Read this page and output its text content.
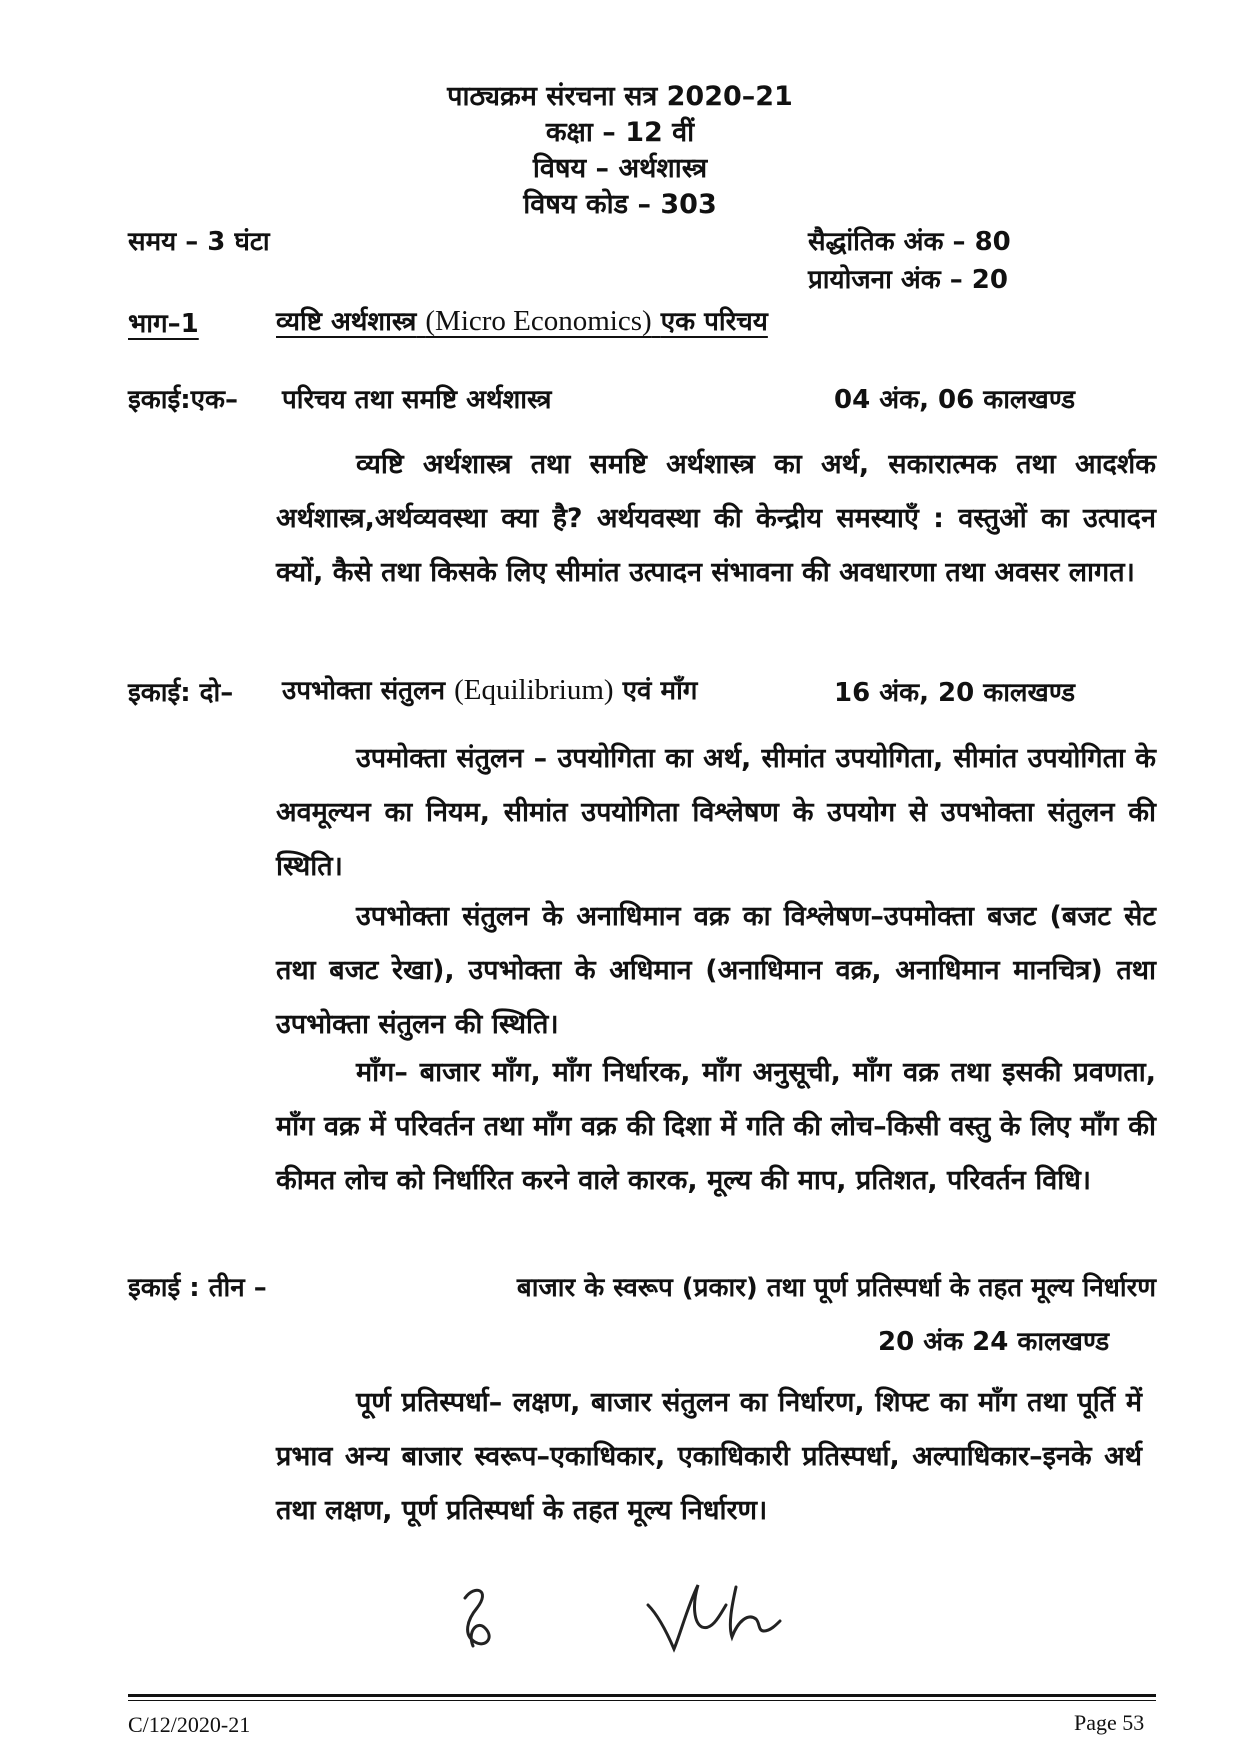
पाठ्यक्रम संरचना सत्र 2020–21
कक्षा – 12 वीं
विषय – अर्थशास्त्र
विषय कोड – 303
समय – 3 घंटा	सैद्धांतिक अंक – 80
प्रायोजना अंक – 20
भाग–1	व्यष्टि अर्थशास्त्र (Micro Economics) एक परिचय
इकाई:एक– परिचय तथा समष्टि अर्थशास्त्र	04 अंक, 06 कालखण्ड

व्यष्टि अर्थशास्त्र तथा समष्टि अर्थशास्त्र का अर्थ, सकारात्मक तथा आदर्शक अर्थशास्त्र,अर्थव्यवस्था क्या है? अर्थयवस्था की केन्द्रीय समस्याएँ : वस्तुओं का उत्पादन क्यों, कैसे तथा किसके लिए सीमांत उत्पादन संभावना की अवधारणा तथा अवसर लागत।

इकाई: दो– उपभोक्ता संतुलन (Equilibrium) एवं माँग	16 अंक, 20 कालखण्ड

उपमोक्ता संतुलन – उपयोगिता का अर्थ, सीमांत उपयोगिता, सीमांत उपयोगिता के अवमूल्यन का नियम, सीमांत उपयोगिता विश्लेषण के उपयोग से उपभोक्ता संतुलन की स्थिति।

उपभोक्ता संतुलन के अनाधिमान वक्र का विश्लेषण–उपमोक्ता बजट (बजट सेट तथा बजट रेखा), उपभोक्ता के अधिमान (अनाधिमान वक्र, अनाधिमान मानचित्र) तथा उपभोक्ता संतुलन की स्थिति।

माँग– बाजार माँग, माँग निर्धारक, माँग अनुसूची, माँग वक्र तथा इसकी प्रवणता, माँग वक्र में परिवर्तन तथा माँग वक्र की दिशा में गति की लोच–किसी वस्तु के लिए माँग की कीमत लोच को निर्धारित करने वाले कारक, मूल्य की माप, प्रतिशत, परिवर्तन विधि।

इकाई : तीन –	बाजार के स्वरूप (प्रकार) तथा पूर्ण प्रतिस्पर्धा के तहत मूल्य निर्धारण
20 अंक 24 कालखण्ड

पूर्ण प्रतिस्पर्धा– लक्षण, बाजार संतुलन का निर्धारण, शिफ्ट का माँग तथा पूर्ति में प्रभाव अन्य बाजार स्वरूप–एकाधिकार, एकाधिकारी प्रतिस्पर्धा, अल्पाधिकार–इनके अर्थ तथा लक्षण, पूर्ण प्रतिस्पर्धा के तहत मूल्य निर्धारण।

C/12/2020-21	Page 53
